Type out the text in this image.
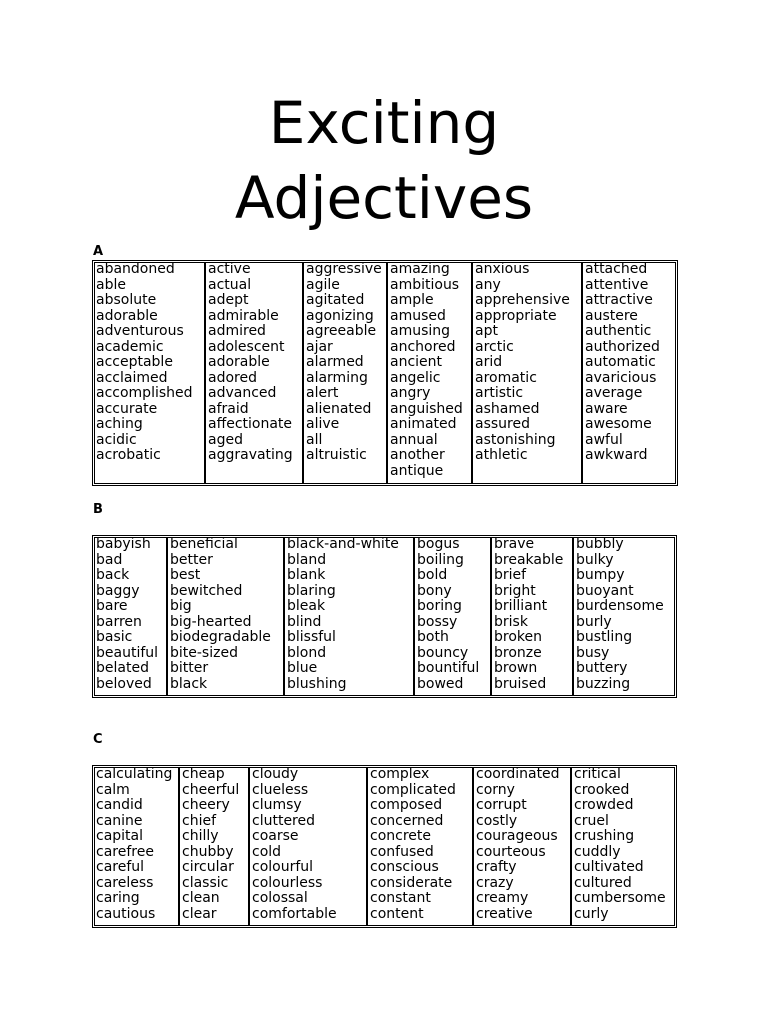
Exciting
Adjectives
A
abandoned
able
absolute
adorable
adventurous
academic
acceptable
acclaimed
accomplished
accurate
aching
acidic
acrobatic
active
actual
adept
admirable
admired
adolescent
adorable
adored
advanced
afraid
affectionate
aged
aggravating
aggressive
agile
agitated
agonizing
agreeable
ajar
alarmed
alarming
alert
alienated
alive
all
altruistic
amazing
ambitious
ample
amused
amusing
anchored
ancient
angelic
angry
anguished
animated
annual
another
antique
anxious
any
apprehensive
appropriate
apt
arctic
arid
aromatic
artistic
ashamed
assured
astonishing
athletic
attached
attentive
attractive
austere
authentic
authorized
automatic
avaricious
average
aware
awesome
awful
awkward
B
babyish
bad
back
baggy
bare
barren
basic
beautiful
belated
beloved
beneficial
better
best
bewitched
big
big-hearted
biodegradable
bite-sized
bitter
black
black-and-white
bland
blank
blaring
bleak
blind
blissful
blond
blue
blushing
bogus
boiling
bold
bony
boring
bossy
both
bouncy
bountiful
bowed
brave
breakable
brief
bright
brilliant
brisk
broken
bronze
brown
bruised
bubbly
bulky
bumpy
buoyant
burdensome
burly
bustling
busy
buttery
buzzing
C
calculating
calm
candid
canine
capital
carefree
careful
careless
caring
cautious
cheap
cheerful
cheery
chief
chilly
chubby
circular
classic
clean
clear
cloudy
clueless
clumsy
cluttered
coarse
cold
colourful
colourless
colossal
comfortable
complex
complicated
composed
concerned
concrete
confused
conscious
considerate
constant
content
coordinated
corny
corrupt
costly
courageous
courteous
crafty
crazy
creamy
creative
critical
crooked
crowded
cruel
crushing
cuddly
cultivated
cultured
cumbersome
curly
